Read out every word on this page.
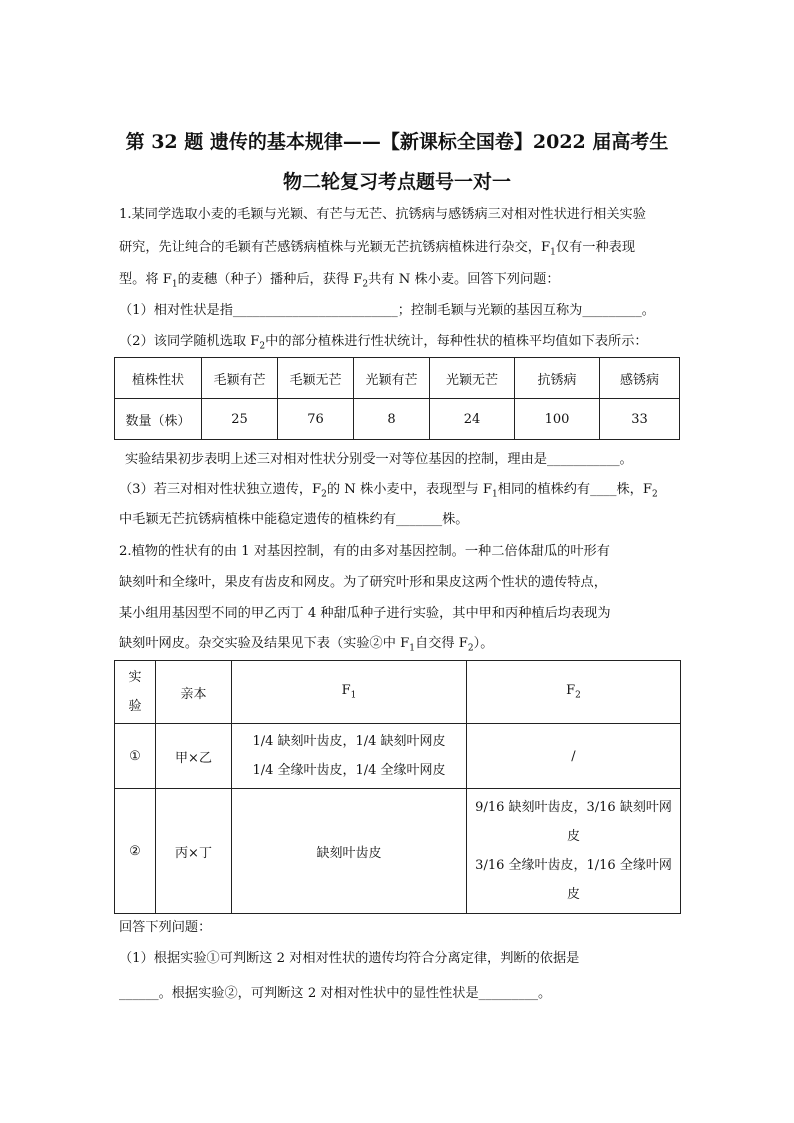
第 32 题 遗传的基本规律——【新课标全国卷】2022 届高考生
物二轮复习考点题号一对一
1.某同学选取小麦的毛颖与光颖、有芒与无芒、抗锈病与感锈病三对相对性状进行相关实验
研究，先让纯合的毛颖有芒感锈病植株与光颖无芒抗锈病植株进行杂交，$F_1$仅有一种表现
型。将 $F_1$的麦穗（种子）播种后，获得 $F_2$共有 N 株小麦。回答下列问题：
（1）相对性状是指_________________________；控制毛颖与光颖的基因互称为_________。
（2）该同学随机选取 $F_2$中的部分植株进行性状统计，每种性状的植株平均值如下表所示：
植株性状	毛颖有芒	毛颖无芒	光颖有芒	光颖无芒	抗锈病	感锈病
数量（株）	25	76	8	24	100	33
实验结果初步表明上述三对相对性状分别受一对等位基因的控制，理由是___________。
（3）若三对相对性状独立遗传，$F_2$的 N 株小麦中，表现型与 $F_1$相同的植株约有____株，$F_2$
中毛颖无芒抗锈病植株中能稳定遗传的植株约有_______株。
2.植物的性状有的由 1 对基因控制，有的由多对基因控制。一种二倍体甜瓜的叶形有
缺刻叶和全缘叶，果皮有齿皮和网皮。为了研究叶形和果皮这两个性状的遗传特点，
某小组用基因型不同的甲乙丙丁 4 种甜瓜种子进行实验，其中甲和丙种植后均表现为
缺刻叶网皮。杂交实验及结果见下表（实验②中 $F_1$自交得 $F_2$）。
实
验	亲本	$F_1$	$F_2$
①	甲×乙	1/4 缺刻叶齿皮，1/4 缺刻叶网皮
1/4 全缘叶齿皮，1/4 全缘叶网皮	/
②	丙×丁	缺刻叶齿皮	9/16 缺刻叶齿皮，3/16 缺刻叶网
皮
3/16 全缘叶齿皮，1/16 全缘叶网
皮
回答下列问题：
（1）根据实验①可判断这 2 对相对性状的遗传均符合分离定律，判断的依据是
______。根据实验②，可判断这 2 对相对性状中的显性性状是_________。
